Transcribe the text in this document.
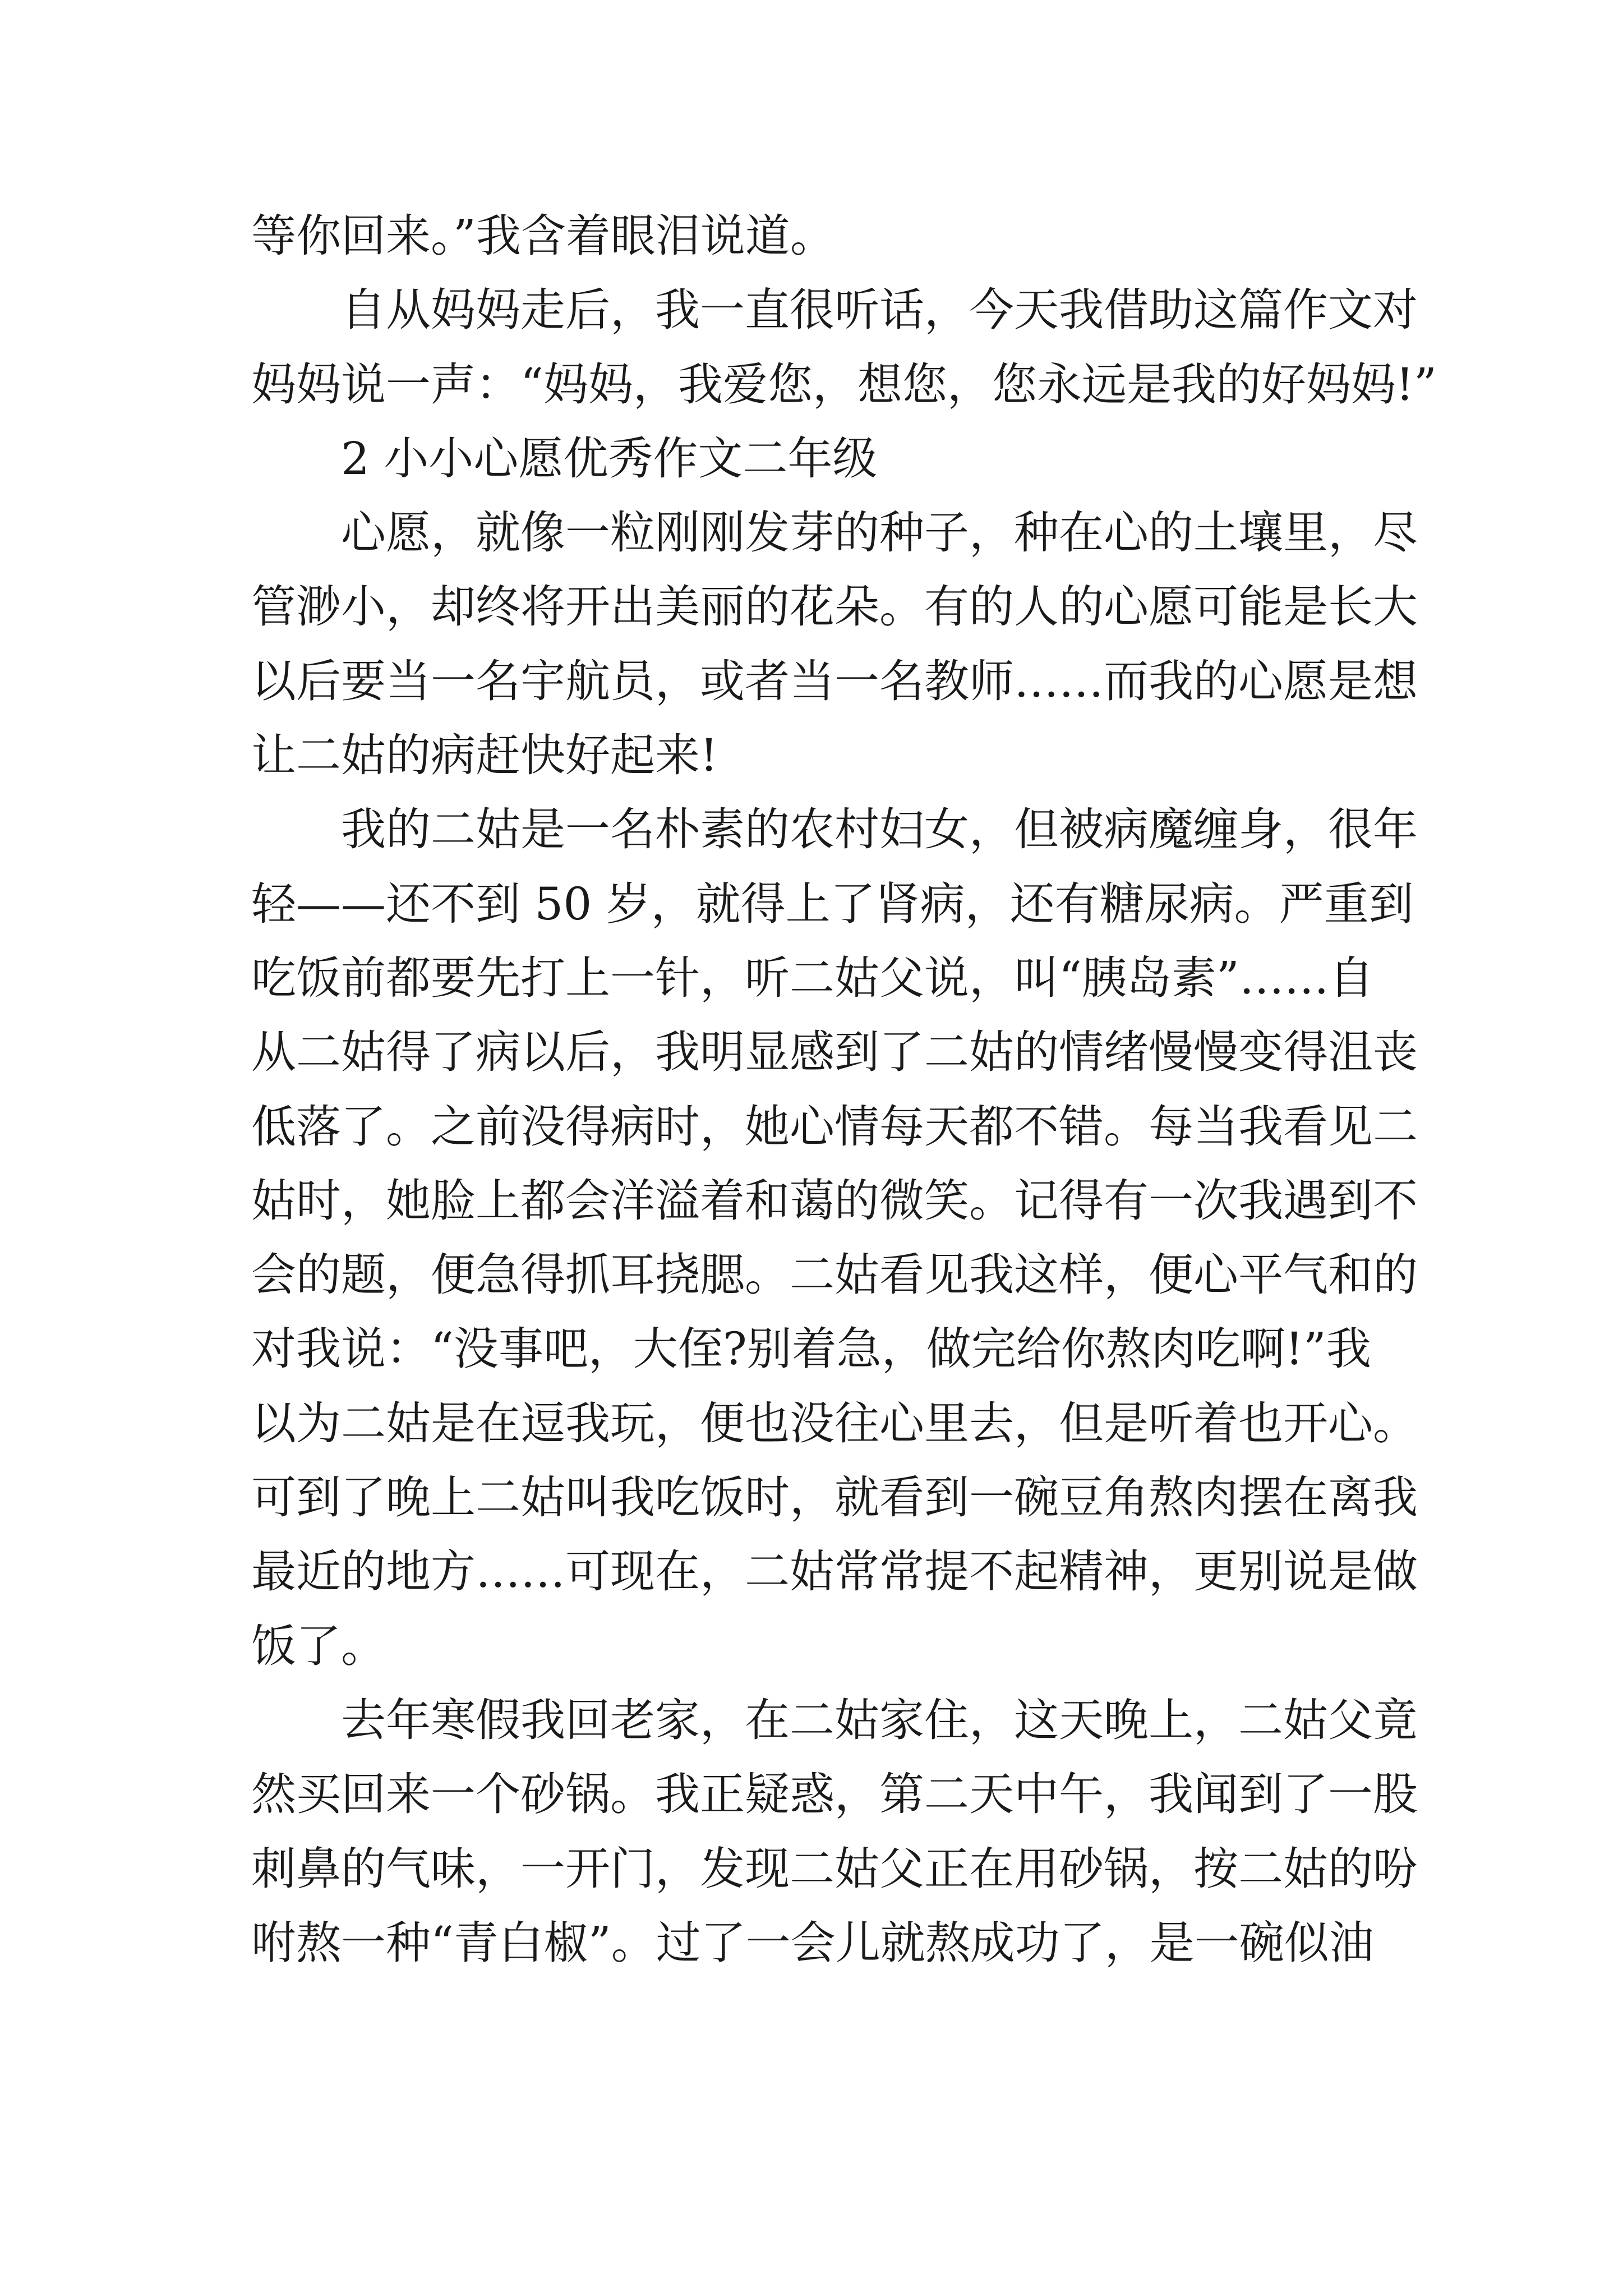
等你回来。”我含着眼泪说道。
自从妈妈走后，我一直很听话，今天我借助这篇作文对
妈妈说一声：“妈妈，我爱您，想您，您永远是我的好妈妈!”
2 小小心愿优秀作文二年级
心愿，就像一粒刚刚发芽的种子，种在心的土壤里，尽
管渺小，却终将开出美丽的花朵。有的人的心愿可能是长大
以后要当一名宇航员，或者当一名教师……而我的心愿是想
让二姑的病赶快好起来!
我的二姑是一名朴素的农村妇女，但被病魔缠身，很年
轻——还不到 50 岁，就得上了肾病，还有糖尿病。严重到
吃饭前都要先打上一针，听二姑父说，叫“胰岛素”……自
从二姑得了病以后，我明显感到了二姑的情绪慢慢变得沮丧
低落了。之前没得病时，她心情每天都不错。每当我看见二
姑时，她脸上都会洋溢着和蔼的微笑。记得有一次我遇到不
会的题，便急得抓耳挠腮。二姑看见我这样，便心平气和的
对我说：“没事吧，大侄?别着急，做完给你熬肉吃啊!”我
以为二姑是在逗我玩，便也没往心里去，但是听着也开心。
可到了晚上二姑叫我吃饭时，就看到一碗豆角熬肉摆在离我
最近的地方……可现在，二姑常常提不起精神，更别说是做
饭了。
去年寒假我回老家，在二姑家住，这天晚上，二姑父竟
然买回来一个砂锅。我正疑惑，第二天中午，我闻到了一股
刺鼻的气味，一开门，发现二姑父正在用砂锅，按二姑的吩
咐熬一种“青白椒”。过了一会儿就熬成功了，是一碗似油
